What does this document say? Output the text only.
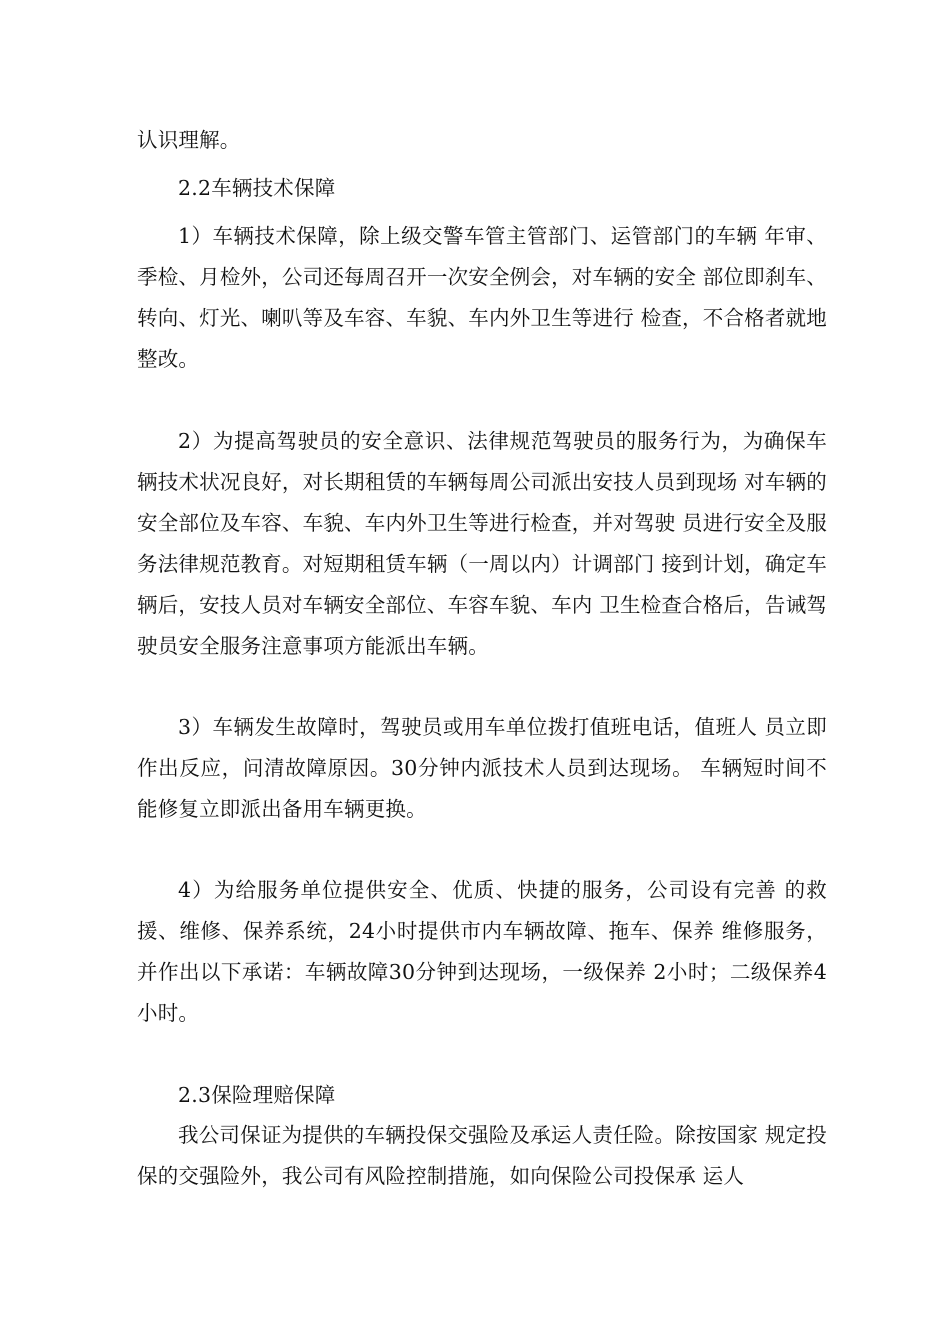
认识理解。

2.2车辆技术保障

1）车辆技术保障，除上级交警车管主管部门、运管部门的车辆 年审、季检、月检外，公司还每周召开一次安全例会，对车辆的安全 部位即刹车、转向、灯光、喇叭等及车容、车貌、车内外卫生等进行 检查，不合格者就地整改。

2）为提高驾驶员的安全意识、法律规范驾驶员的服务行为，为确保车辆技术状况良好，对长期租赁的车辆每周公司派出安技人员到现场 对车辆的安全部位及车容、车貌、车内外卫生等进行检查，并对驾驶 员进行安全及服务法律规范教育。对短期租赁车辆（一周以内）计调部门 接到计划，确定车辆后，安技人员对车辆安全部位、车容车貌、车内 卫生检查合格后，告诫驾驶员安全服务注意事项方能派出车辆。

3）车辆发生故障时，驾驶员或用车单位拨打值班电话，值班人 员立即作出反应，问清故障原因。30分钟内派技术人员到达现场。 车辆短时间不能修复立即派出备用车辆更换。

4）为给服务单位提供安全、优质、快捷的服务，公司设有完善 的救援、维修、保养系统，24小时提供市内车辆故障、拖车、保养 维修服务，并作出以下承诺：车辆故障30分钟到达现场，一级保养 2小时；二级保养4小时。

2.3保险理赔保障

我公司保证为提供的车辆投保交强险及承运人责任险。除按国家 规定投保的交强险外，我公司有风险控制措施，如向保险公司投保承 运人
